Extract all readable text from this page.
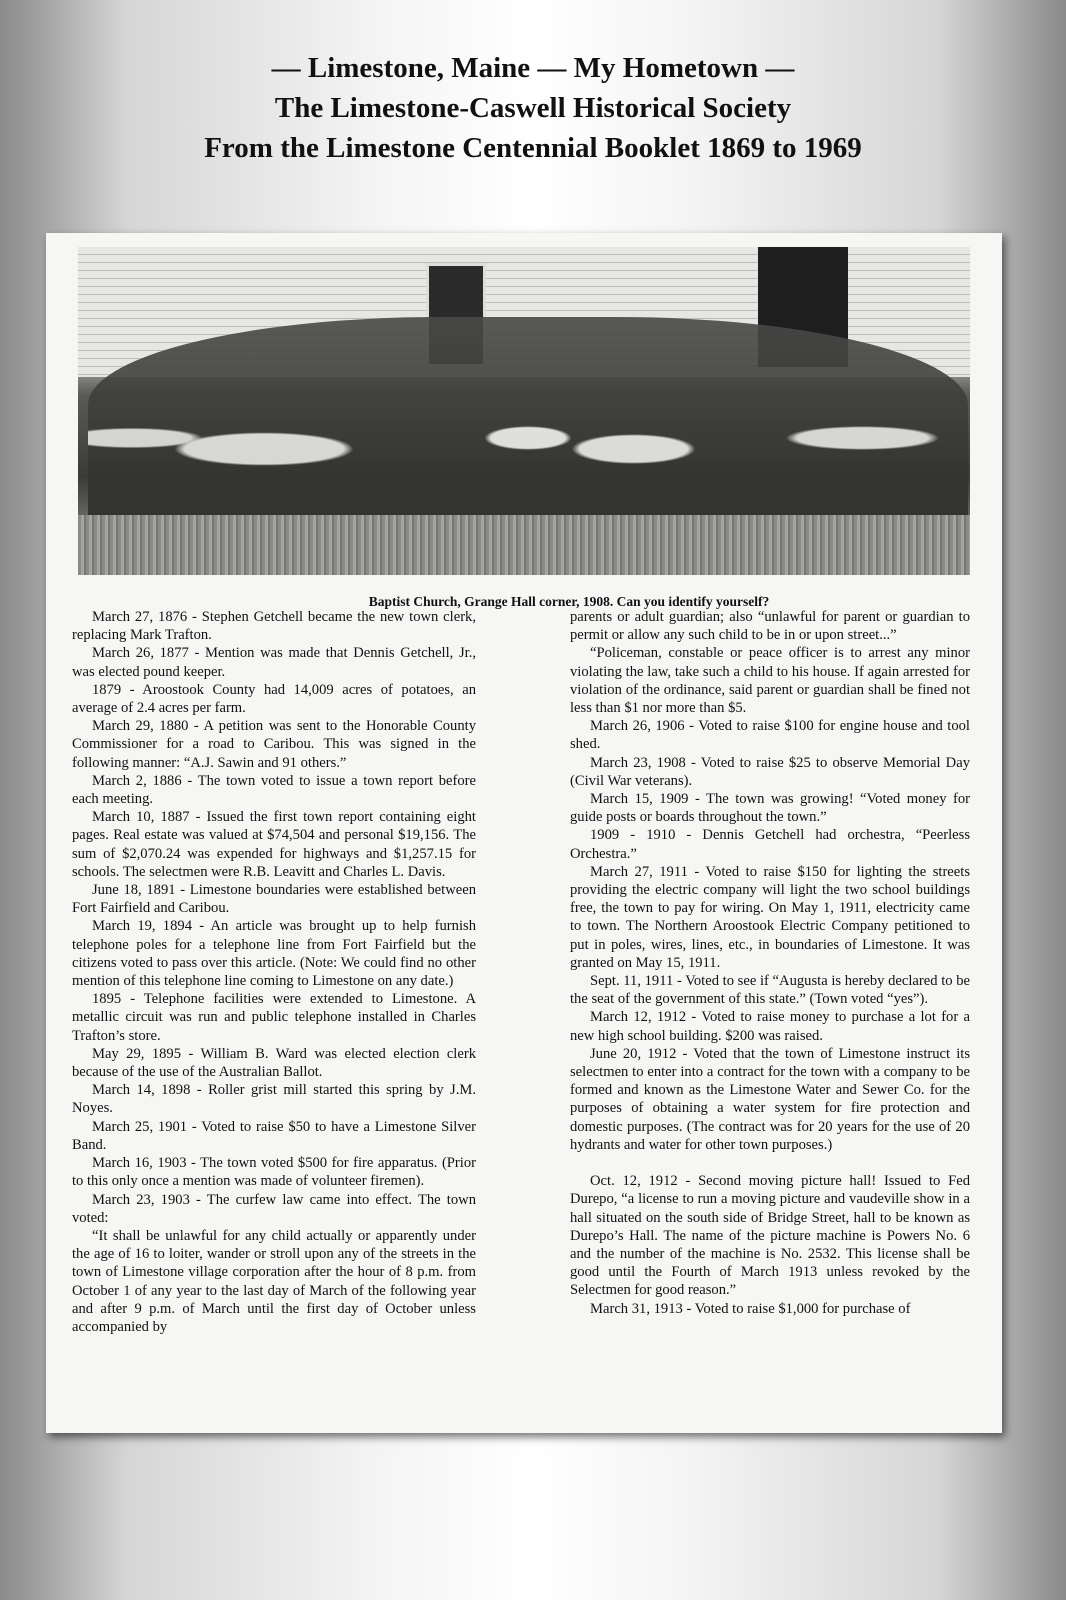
— Limestone, Maine — My Hometown —
The Limestone-Caswell Historical Society
From the Limestone Centennial Booklet 1869 to 1969
Baptist Church, Grange Hall corner, 1908. Can you identify yourself?

March 27, 1876 - Stephen Getchell became the new town clerk, replacing Mark Trafton.

March 26, 1877 - Mention was made that Dennis Getchell, Jr., was elected pound keeper.

1879 - Aroostook County had 14,009 acres of potatoes, an average of 2.4 acres per farm.

March 29, 1880 - A petition was sent to the Honorable County Commissioner for a road to Caribou. This was signed in the following manner: “A.J. Sawin and 91 others.”

March 2, 1886 - The town voted to issue a town report before each meeting.

March 10, 1887 - Issued the first town report containing eight pages. Real estate was valued at $74,504 and personal $19,156. The sum of $2,070.24 was expended for highways and $1,257.15 for schools. The selectmen were R.B. Leavitt and Charles L. Davis.

June 18, 1891 - Limestone boundaries were established between Fort Fairfield and Caribou.

March 19, 1894 - An article was brought up to help furnish telephone poles for a telephone line from Fort Fairfield but the citizens voted to pass over this article. (Note: We could find no other mention of this telephone line coming to Limestone on any date.)

1895 - Telephone facilities were extended to Limestone. A metallic circuit was run and public telephone installed in Charles Trafton’s store.

May 29, 1895 - William B. Ward was elected election clerk because of the use of the Australian Ballot.

March 14, 1898 - Roller grist mill started this spring by J.M. Noyes.

March 25, 1901 - Voted to raise $50 to have a Limestone Silver Band.

March 16, 1903 - The town voted $500 for fire apparatus. (Prior to this only once a mention was made of volunteer firemen).

March 23, 1903 - The curfew law came into effect. The town voted:

“It shall be unlawful for any child actually or apparently under the age of 16 to loiter, wander or stroll upon any of the streets in the town of Limestone village corporation after the hour of 8 p.m. from October 1 of any year to the last day of March of the following year and after 9 p.m. of March until the first day of October unless accompanied by

parents or adult guardian; also “unlawful for parent or guardian to permit or allow any such child to be in or upon street...”

“Policeman, constable or peace officer is to arrest any minor violating the law, take such a child to his house. If again arrested for violation of the ordinance, said parent or guardian shall be fined not less than $1 nor more than $5.

March 26, 1906 - Voted to raise $100 for engine house and tool shed.

March 23, 1908 - Voted to raise $25 to observe Memorial Day (Civil War veterans).

March 15, 1909 - The town was growing! “Voted money for guide posts or boards throughout the town.”

1909 - 1910 - Dennis Getchell had orchestra, “Peerless Orchestra.”

March 27, 1911 - Voted to raise $150 for lighting the streets providing the electric company will light the two school buildings free, the town to pay for wiring. On May 1, 1911, electricity came to town. The Northern Aroostook Electric Company petitioned to put in poles, wires, lines, etc., in boundaries of Limestone. It was granted on May 15, 1911.

Sept. 11, 1911 - Voted to see if “Augusta is hereby declared to be the seat of the government of this state.” (Town voted “yes”).

March 12, 1912 - Voted to raise money to purchase a lot for a new high school building. $200 was raised.

June 20, 1912 - Voted that the town of Limestone instruct its selectmen to enter into a contract for the town with a company to be formed and known as the Limestone Water and Sewer Co. for the purposes of obtaining a water system for fire protection and domestic purposes. (The contract was for 20 years for the use of 20 hydrants and water for other town purposes.)

Oct. 12, 1912 - Second moving picture hall! Issued to Fed Durepo, “a license to run a moving picture and vaudeville show in a hall situated on the south side of Bridge Street, hall to be known as Durepo’s Hall. The name of the picture machine is Powers No. 6 and the number of the machine is No. 2532. This license shall be good until the Fourth of March 1913 unless revoked by the Selectmen for good reason.”

March 31, 1913 - Voted to raise $1,000 for purchase of
